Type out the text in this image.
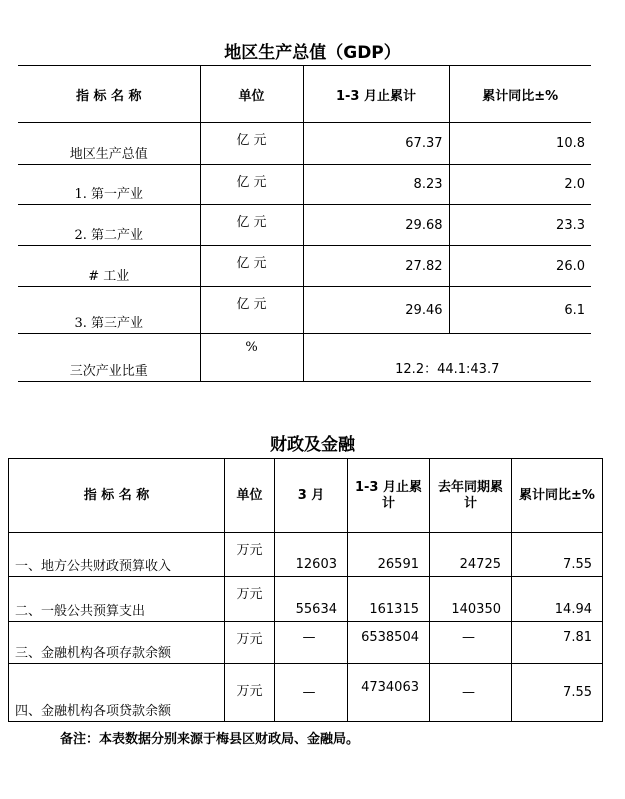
地区生产总值（GDP）
指 标 名 称	单位	1-3 月止累计	累计同比±%
地区生产总值	亿 元	67.37	10.8
1. 第一产业	亿 元	8.23	2.0
2. 第二产业	亿 元	29.68	23.3
# 工业	亿 元	27.82	26.0
3. 第三产业	亿 元	29.46	6.1
三次产业比重	%	12.2：44.1:43.7	
财政及金融
指 标 名 称	单位	3 月	1-3 月止累计	去年同期累计	累计同比±%
一、地方公共财政预算收入	万元	12603	26591	24725	7.55
二、一般公共预算支出	万元	55634	161315	140350	14.94
三、金融机构各项存款余额	万元	—	6538504	—	7.81
四、金融机构各项贷款余额	万元	—	4734063	—	7.55
备注：本表数据分别来源于梅县区财政局、金融局。
